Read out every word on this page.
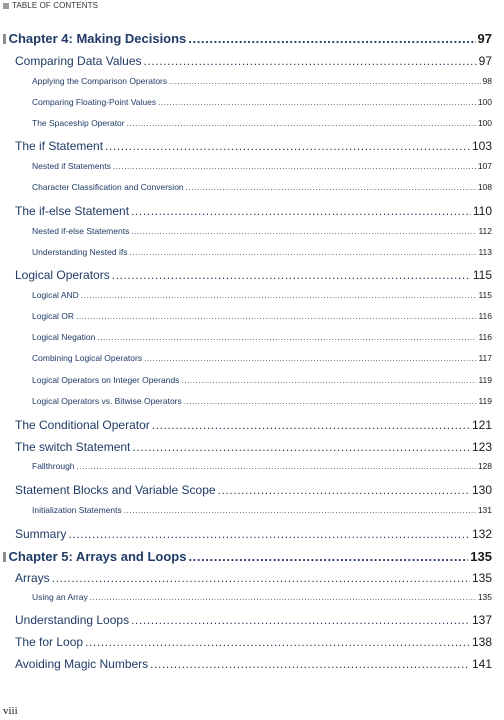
TABLE OF CONTENTS
Chapter 4: Making Decisions .....	97
Comparing Data Values .....	97
Applying the Comparison Operators .....	98
Comparing Floating-Point Values .....	100
The Spaceship Operator .....	100
The if Statement .....	103
Nested if Statements .....	107
Character Classification and Conversion .....	108
The if-else Statement .....	110
Nested if-else Statements .....	112
Understanding Nested ifs .....	113
Logical Operators .....	115
Logical AND .....	115
Logical OR .....	116
Logical Negation .....	116
Combining Logical Operators .....	117
Logical Operators on Integer Operands .....	119
Logical Operators vs. Bitwise Operators .....	119
The Conditional Operator .....	121
The switch Statement .....	123
Fallthrough .....	128
Statement Blocks and Variable Scope .....	130
Initialization Statements .....	131
Summary .....	132
Chapter 5: Arrays and Loops .....	135
Arrays .....	135
Using an Array .....	135
Understanding Loops .....	137
The for Loop .....	138
Avoiding Magic Numbers .....	141
viii
